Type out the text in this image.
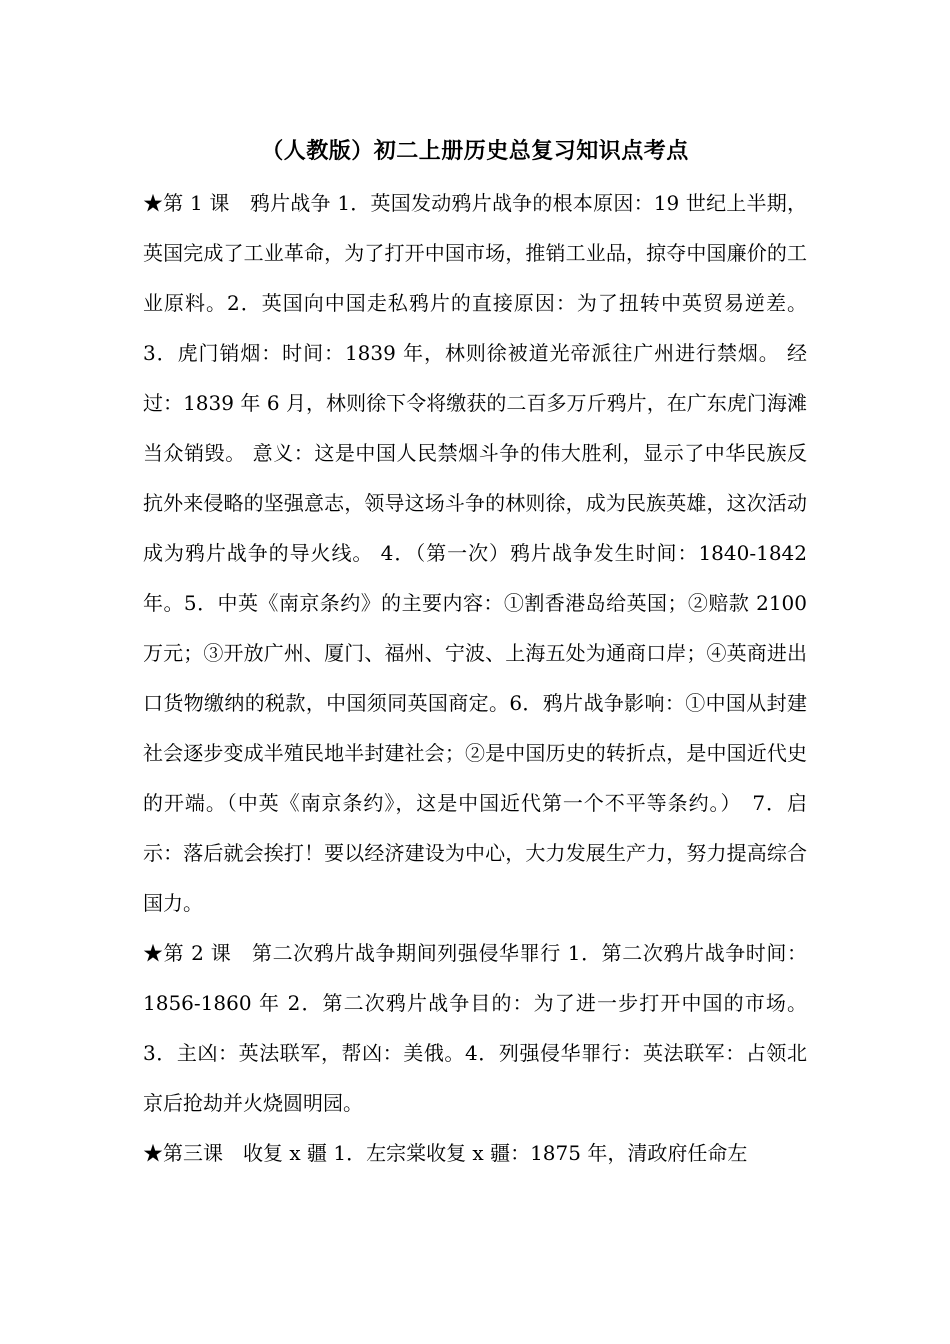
（人教版）初二上册历史总复习知识点考点

★第 1 课　鸦片战争 1．英国发动鸦片战争的根本原因：19 世纪上半期，英国完成了工业革命，为了打开中国市场，推销工业品，掠夺中国廉价的工业原料。2．英国向中国走私鸦片的直接原因：为了扭转中英贸易逆差。 3．虎门销烟：时间：1839 年，林则徐被道光帝派往广州进行禁烟。 经过：1839 年 6 月，林则徐下令将缴获的二百多万斤鸦片，在广东虎门海滩当众销毁。 意义：这是中国人民禁烟斗争的伟大胜利，显示了中华民族反抗外来侵略的坚强意志，领导这场斗争的林则徐，成为民族英雄，这次活动成为鸦片战争的导火线。 4．（第一次）鸦片战争发生时间：1840-1842 年。5．中英《南京条约》的主要内容：①割香港岛给英国；②赔款 2100 万元；③开放广州、厦门、福州、宁波、上海五处为通商口岸；④英商进出口货物缴纳的税款，中国须同英国商定。6．鸦片战争影响：①中国从封建社会逐步变成半殖民地半封建社会；②是中国历史的转折点，是中国近代史的开端。（中英《南京条约》，这是中国近代第一个不平等条约。）　7．启示：落后就会挨打！要以经济建设为中心，大力发展生产力，努力提高综合国力。

★第 2 课　第二次鸦片战争期间列强侵华罪行 1．第二次鸦片战争时间：1856-1860 年 2．第二次鸦片战争目的：为了进一步打开中国的市场。3．主凶：英法联军，帮凶：美俄。4．列强侵华罪行：英法联军：占领北京后抢劫并火烧圆明园。

★第三课　收复 x 疆 1．左宗棠收复 x 疆：1875 年，清政府任命左
